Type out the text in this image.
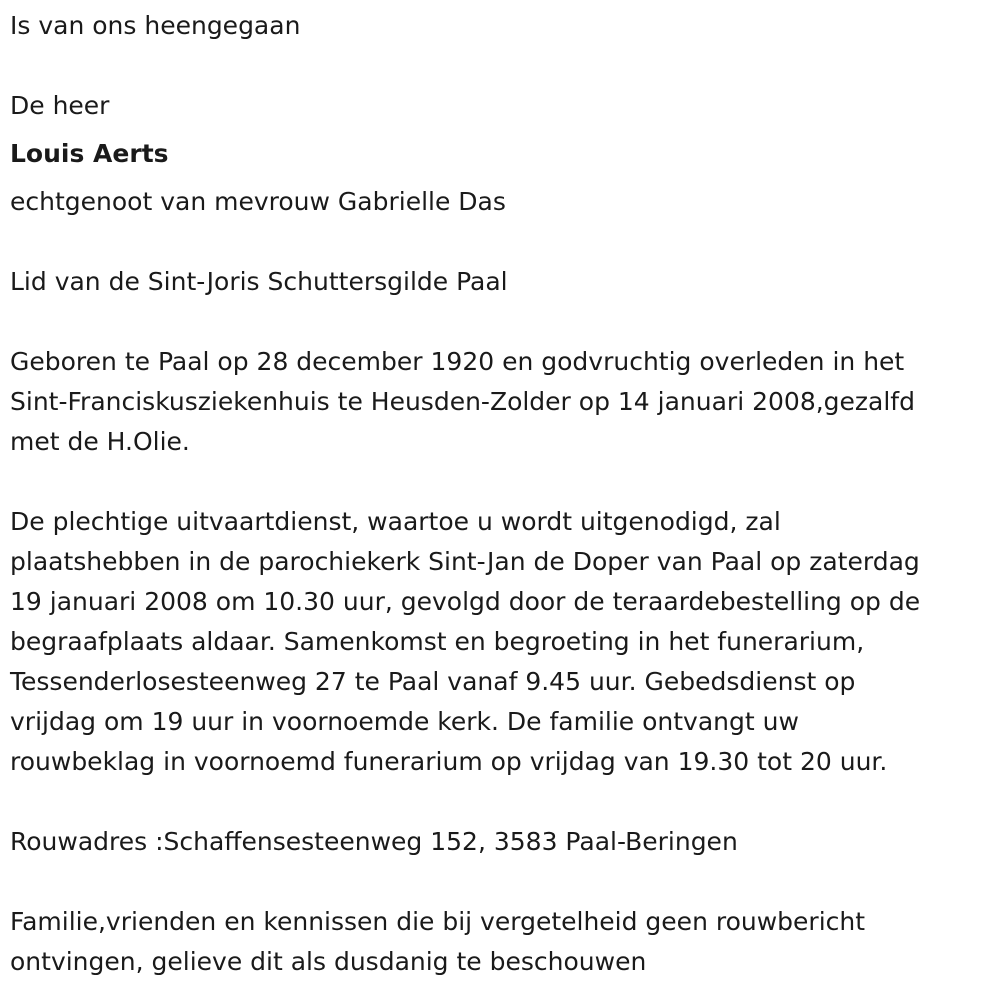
Is van ons heengegaan

De heer

Louis Aerts

echtgenoot van mevrouw Gabrielle Das

Lid van de Sint-Joris Schuttersgilde Paal

Geboren te Paal op 28 december 1920 en godvruchtig overleden in het

Sint-Franciskusziekenhuis te Heusden-Zolder op 14 januari 2008,gezalfd

met de H.Olie.

De plechtige uitvaartdienst, waartoe u wordt uitgenodigd, zal

plaatshebben in de parochiekerk Sint-Jan de Doper van Paal op zaterdag

19 januari 2008 om 10.30 uur, gevolgd door de teraardebestelling op de

begraafplaats aldaar. Samenkomst en begroeting in het funerarium,

Tessenderlosesteenweg 27 te Paal vanaf 9.45 uur. Gebedsdienst op

vrijdag om 19 uur in voornoemde kerk. De familie ontvangt uw

rouwbeklag in voornoemd funerarium op vrijdag van 19.30 tot 20 uur.

Rouwadres :Schaffensesteenweg 152, 3583 Paal-Beringen

Familie,vrienden en kennissen die bij vergetelheid geen rouwbericht

ontvingen, gelieve dit als dusdanig te beschouwen
